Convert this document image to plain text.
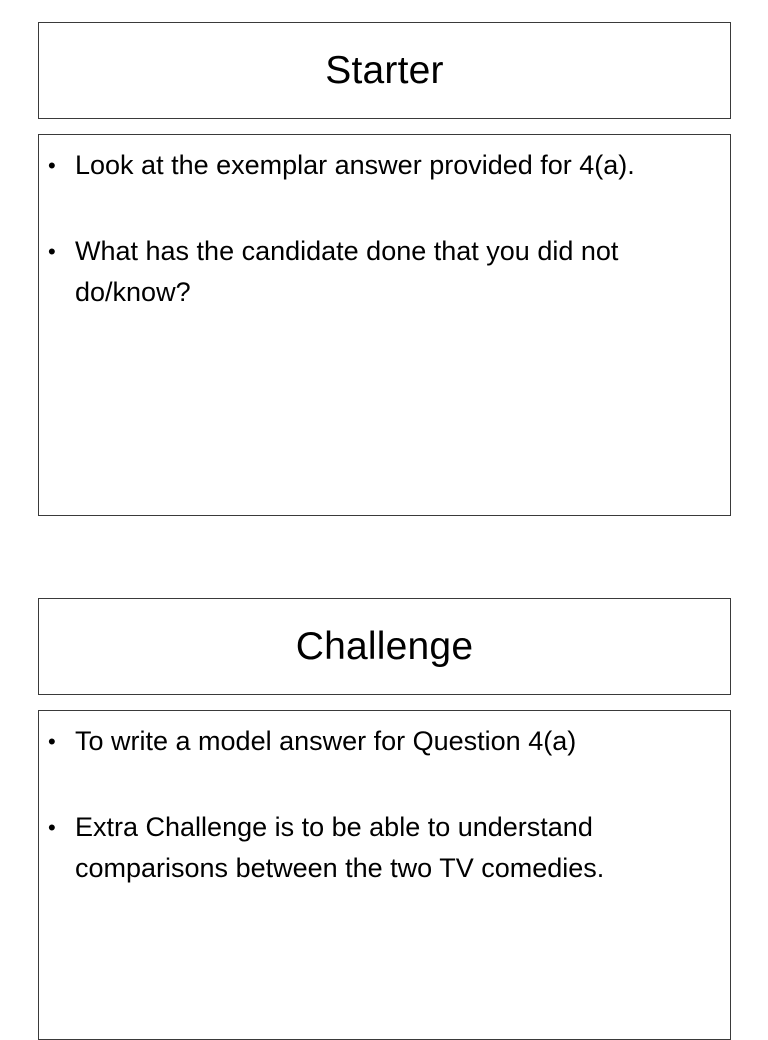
Starter
• Look at the exemplar answer provided for 4(a).
• What has the candidate done that you did not do/know?
Challenge
• To write a model answer for Question 4(a)
• Extra Challenge is to be able to understand comparisons between the two TV comedies.
